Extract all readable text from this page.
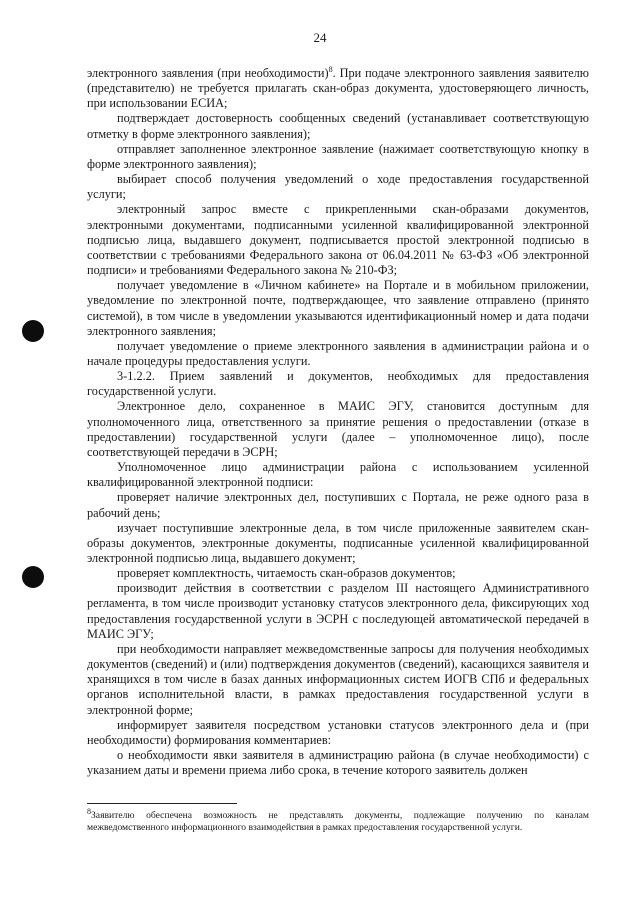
24

электронного заявления (при необходимости)$^8$. При подаче электронного заявления заявителю (представителю) не требуется прилагать скан-образ документа, удостоверяющего личность, при использовании ЕСИА;

подтверждает достоверность сообщенных сведений (устанавливает соответствующую отметку в форме электронного заявления);

отправляет заполненное электронное заявление (нажимает соответствующую кнопку в форме электронного заявления);

выбирает способ получения уведомлений о ходе предоставления государственной услуги;

электронный запрос вместе с прикрепленными скан-образами документов, электронными документами, подписанными усиленной квалифицированной электронной подписью лица, выдавшего документ, подписывается простой электронной подписью в соответствии с требованиями Федерального закона от 06.04.2011 № 63-ФЗ «Об электронной подписи» и требованиями Федерального закона № 210-ФЗ;

получает уведомление в «Личном кабинете» на Портале и в мобильном приложении, уведомление по электронной почте, подтверждающее, что заявление отправлено (принято системой), в том числе в уведомлении указываются идентификационный номер и дата подачи электронного заявления;

получает уведомление о приеме электронного заявления в администрации района и о начале процедуры предоставления услуги.

3-1.2.2. Прием заявлений и документов, необходимых для предоставления государственной услуги.

Электронное дело, сохраненное в МАИС ЭГУ, становится доступным для уполномоченного лица, ответственного за принятие решения о предоставлении (отказе в предоставлении) государственной услуги (далее – уполномоченное лицо), после соответствующей передачи в ЭСРН;

Уполномоченное лицо администрации района с использованием усиленной квалифицированной электронной подписи:

проверяет наличие электронных дел, поступивших с Портала, не реже одного раза в рабочий день;

изучает поступившие электронные дела, в том числе приложенные заявителем скан-образы документов, электронные документы, подписанные усиленной квалифицированной электронной подписью лица, выдавшего документ;

проверяет комплектность, читаемость скан-образов документов;

производит действия в соответствии с разделом III настоящего Административного регламента, в том числе производит установку статусов электронного дела, фиксирующих ход предоставления государственной услуги в ЭСРН с последующей автоматической передачей в МАИС ЭГУ;

при необходимости направляет межведомственные запросы для получения необходимых документов (сведений) и (или) подтверждения документов (сведений), касающихся заявителя и хранящихся в том числе в базах данных информационных систем ИОГВ СПб и федеральных органов исполнительной власти, в рамках предоставления государственной услуги в электронной форме;

информирует заявителя посредством установки статусов электронного дела и (при необходимости) формирования комментариев:

о необходимости явки заявителя в администрацию района (в случае необходимости) с указанием даты и времени приема либо срока, в течение которого заявитель должен

$^8$Заявителю обеспечена возможность не представлять документы, подлежащие получению по каналам межведомственного информационного взаимодействия в рамках предоставления государственной услуги.
